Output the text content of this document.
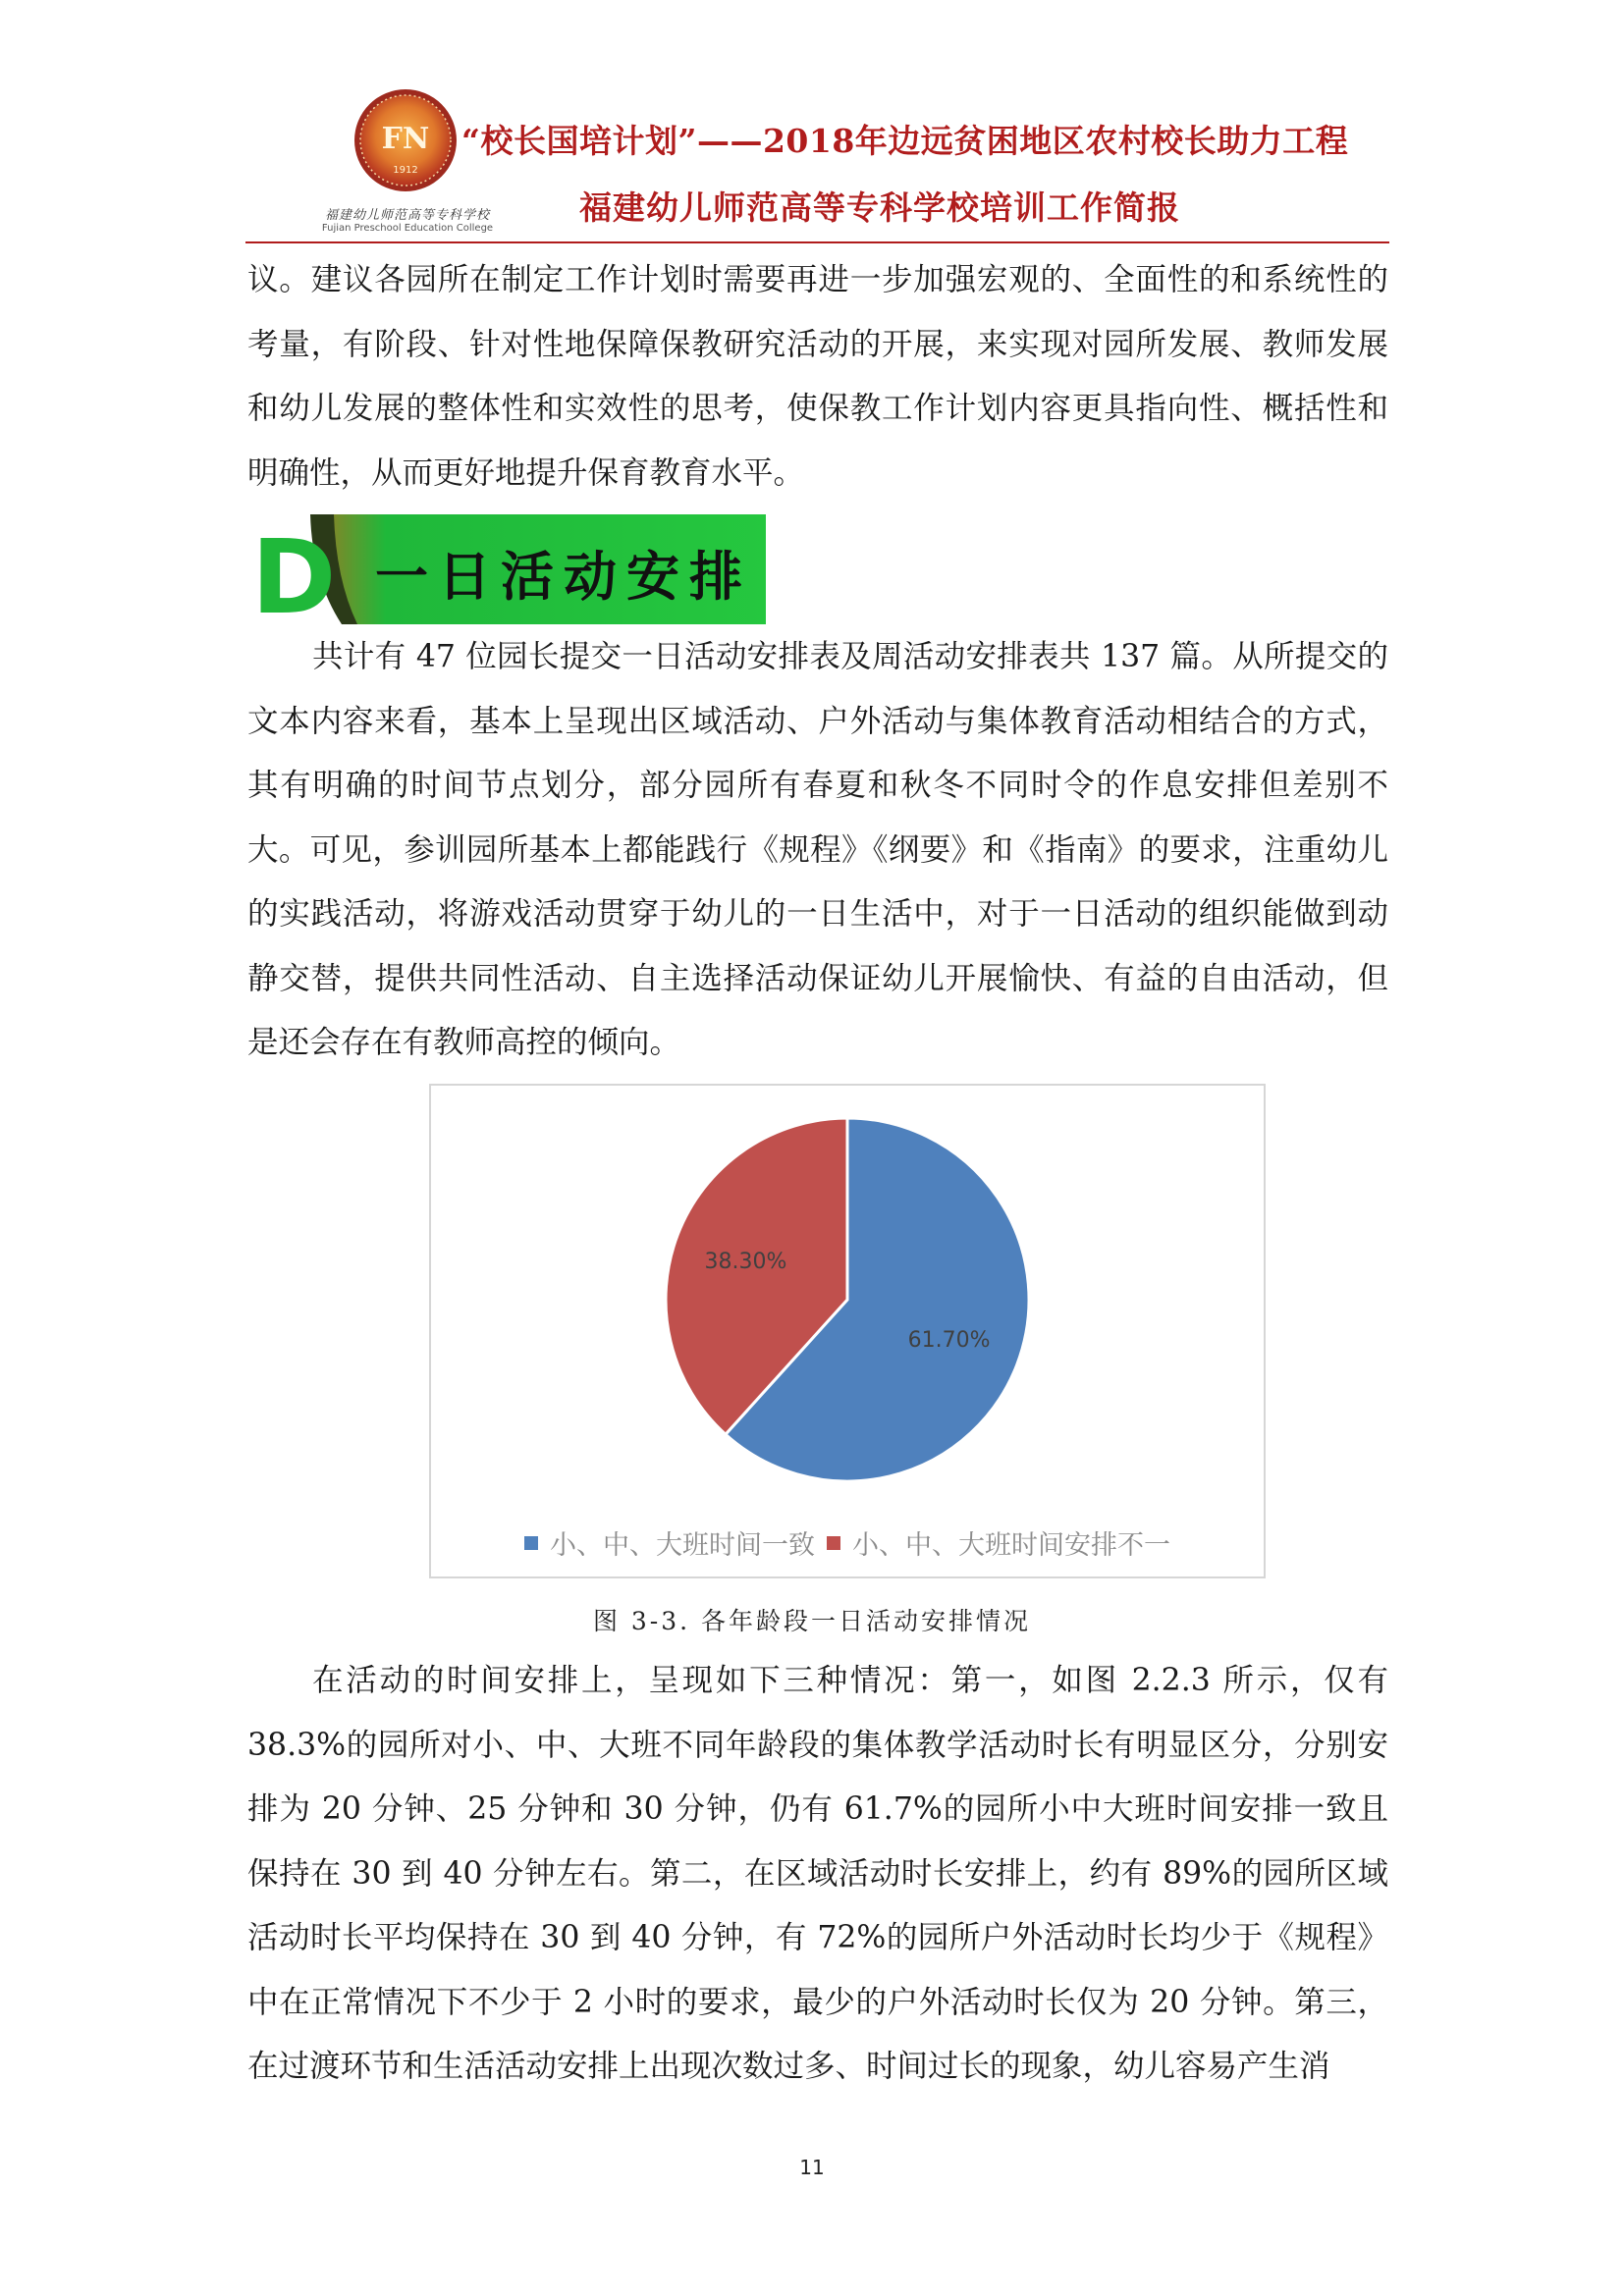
FN
1912
福建幼儿师范高等专科学校
Fujian Preschool Education College
“校长国培计划”——2018年边远贫困地区农村校长助力工程
福建幼儿师范高等专科学校培训工作简报
议。建议各园所在制定工作计划时需要再进一步加强宏观的、全面性的和系统性的考量，有阶段、针对性地保障保教研究活动的开展，来实现对园所发展、教师发展和幼儿发展的整体性和实效性的思考，使保教工作计划内容更具指向性、概括性和明确性，从而更好地提升保育教育水平。
D 一日活动安排
共计有 47 位园长提交一日活动安排表及周活动安排表共 137 篇。从所提交的文本内容来看，基本上呈现出区域活动、户外活动与集体教育活动相结合的方式，其有明确的时间节点划分，部分园所有春夏和秋冬不同时令的作息安排但差别不大。可见，参训园所基本上都能践行《规程》《纲要》和《指南》的要求，注重幼儿的实践活动，将游戏活动贯穿于幼儿的一日生活中，对于一日活动的组织能做到动静交替，提供共同性活动、自主选择活动保证幼儿开展愉快、有益的自由活动，但是还会存在有教师高控的倾向。
61.70%
38.30%
小、中、大班时间一致 小、中、大班时间安排不一
图 3-3. 各年龄段一日活动安排情况
在活动的时间安排上，呈现如下三种情况：第一，如图 2.2.3 所示，仅有 38.3%的园所对小、中、大班不同年龄段的集体教学活动时长有明显区分，分别安排为 20 分钟、25 分钟和 30 分钟，仍有 61.7%的园所小中大班时间安排一致且保持在 30 到 40 分钟左右。第二，在区域活动时长安排上，约有 89%的园所区域活动时长平均保持在 30 到 40 分钟，有 72%的园所户外活动时长均少于《规程》中在正常情况下不少于 2 小时的要求，最少的户外活动时长仅为 20 分钟。第三，在过渡环节和生活活动安排上出现次数过多、时间过长的现象，幼儿容易产生消
11
